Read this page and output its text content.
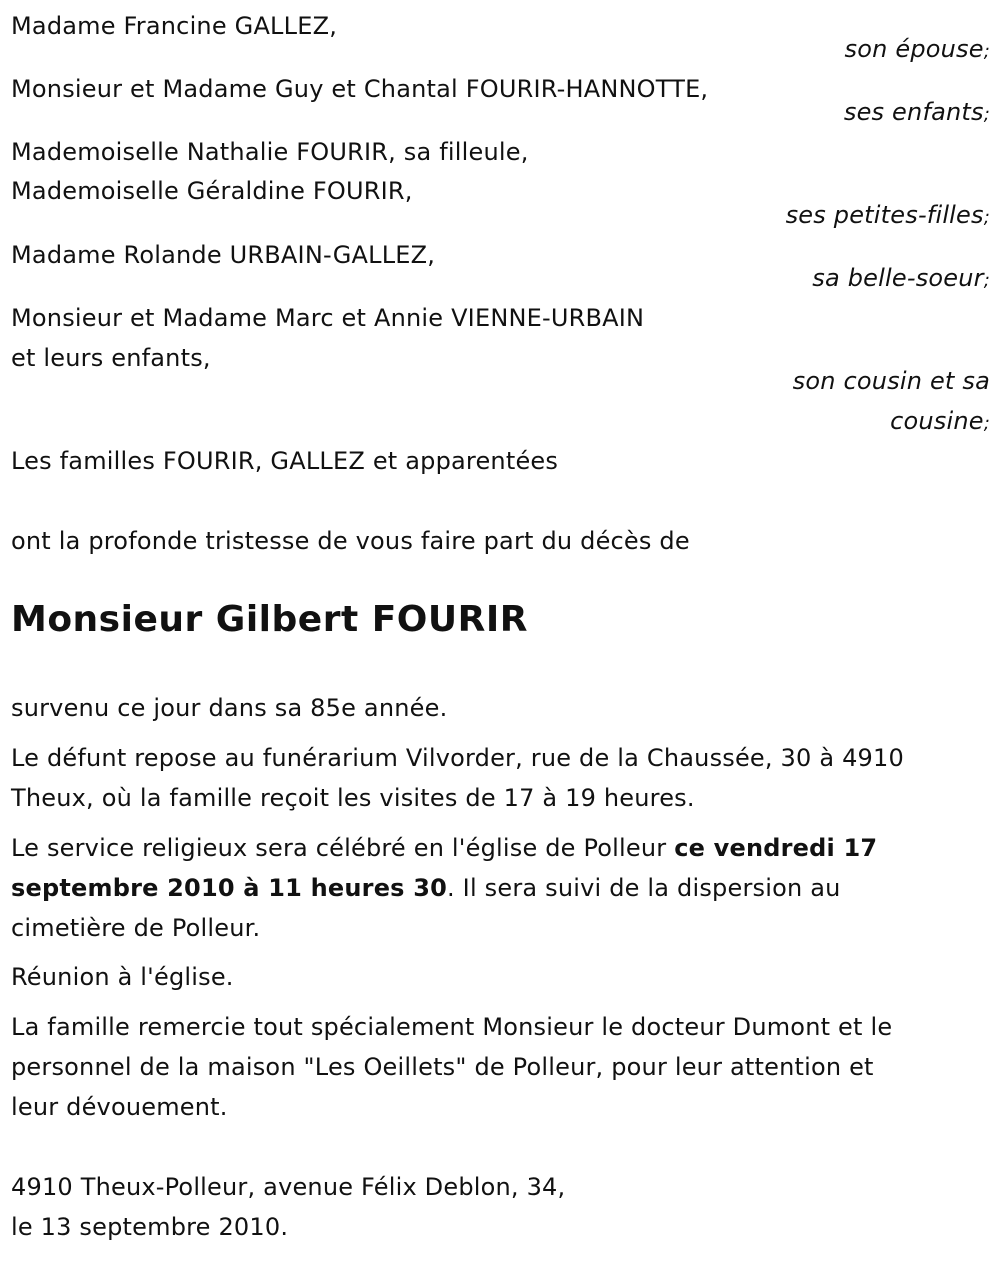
Madame Francine GALLEZ,
son épouse;
Monsieur et Madame Guy et Chantal FOURIR-HANNOTTE,
ses enfants;
Mademoiselle Nathalie FOURIR, sa filleule,
Mademoiselle Géraldine FOURIR,
ses petites-filles;
Madame Rolande URBAIN-GALLEZ,
sa belle-soeur;
Monsieur et Madame Marc et Annie VIENNE-URBAIN
et leurs enfants,
son cousin et sa
cousine;
Les familles FOURIR, GALLEZ et apparentées
ont la profonde tristesse de vous faire part du décès de
Monsieur Gilbert FOURIR
survenu ce jour dans sa 85e année.
Le défunt repose au funérarium Vilvorder, rue de la Chaussée, 30 à 4910
Theux, où la famille reçoit les visites de 17 à 19 heures.
Le service religieux sera célébré en l'église de Polleur ce vendredi 17
septembre 2010 à 11 heures 30. Il sera suivi de la dispersion au
cimetière de Polleur.
Réunion à l'église.
La famille remercie tout spécialement Monsieur le docteur Dumont et le
personnel de la maison "Les Oeillets" de Polleur, pour leur attention et
leur dévouement.
4910 Theux-Polleur, avenue Félix Deblon, 34,
le 13 septembre 2010.
